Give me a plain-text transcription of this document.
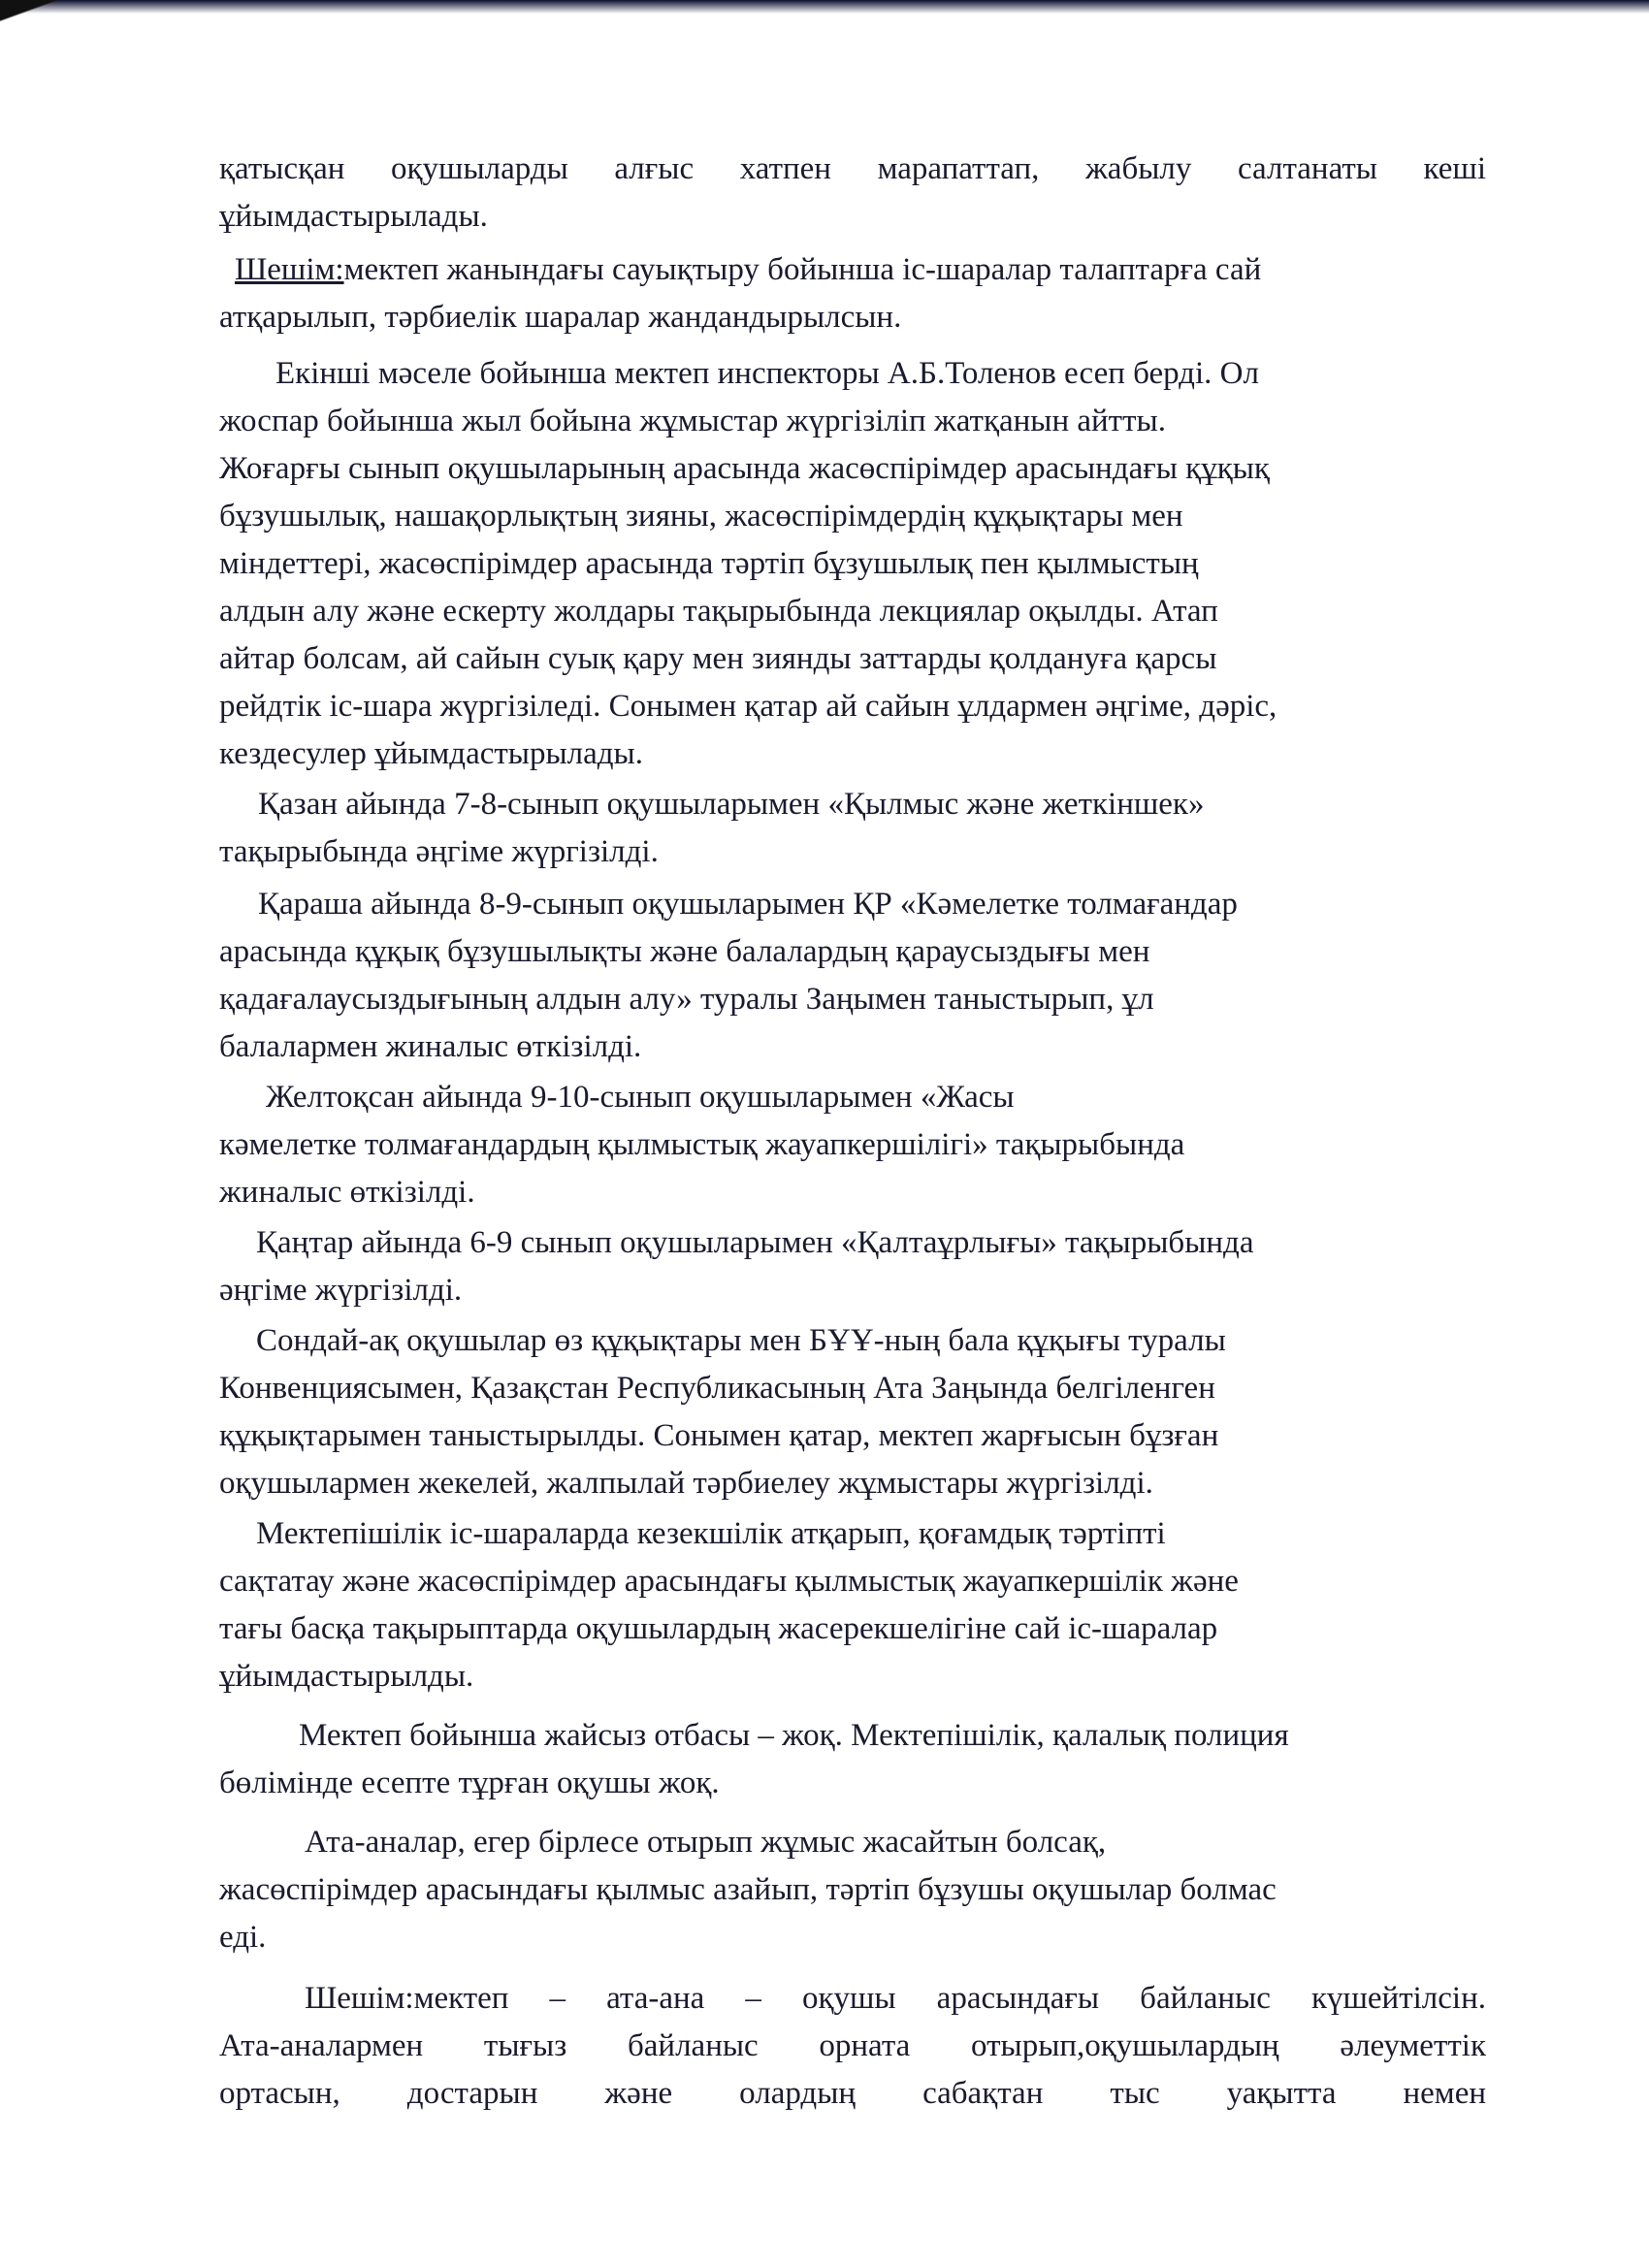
қатысқан оқушыларды алғыс хатпен марапаттап, жабылу салтанаты кеші
ұйымдастырылады.
Шешім:мектеп жанындағы сауықтыру бойынша іс-шаралар талаптарға сай
атқарылып, тәрбиелік шаралар жандандырылсын.
Екінші мәселе бойынша мектеп инспекторы А.Б.Толенов есеп берді. Ол
жоспар бойынша жыл бойына жұмыстар жүргізіліп жатқанын айтты.
Жоғарғы сынып оқушыларының арасында жасөспірімдер арасындағы құқық
бұзушылық, нашақорлықтың зияны, жасөспірімдердің құқықтары мен
міндеттері, жасөспірімдер арасында тәртіп бұзушылық пен қылмыстың
алдын алу және ескерту жолдары тақырыбында лекциялар оқылды. Атап
айтар болсам, ай сайын суық қару мен зиянды заттарды қолдануға қарсы
рейдтік іс-шара жүргізіледі. Сонымен қатар ай сайын ұлдармен әңгіме, дәріс,
кездесулер ұйымдастырылады.
Қазан айында 7-8-сынып оқушыларымен «Қылмыс және жеткіншек»
тақырыбында әңгіме жүргізілді.
Қараша айында 8-9-сынып оқушыларымен ҚР «Кәмелетке толмағандар
арасында құқық бұзушылықты және балалардың қараусыздығы мен
қадағалаусыздығының алдын алу» туралы Заңымен таныстырып, ұл
балалармен жиналыс өткізілді.
Желтоқсан айында 9-10-сынып оқушыларымен «Жасы
кәмелетке толмағандардың қылмыстық жауапкершілігі» тақырыбында
жиналыс өткізілді.
Қаңтар айында 6-9 сынып оқушыларымен «Қалтаұрлығы» тақырыбында
әңгіме жүргізілді.
Сондай-ақ оқушылар өз құқықтары мен БҰҰ-ның бала құқығы туралы
Конвенциясымен, Қазақстан Республикасының Ата Заңында белгіленген
құқықтарымен таныстырылды. Сонымен қатар, мектеп жарғысын бұзған
оқушылармен жекелей, жалпылай тәрбиелеу жұмыстары жүргізілді.
Мектепішілік іс-шараларда кезекшілік атқарып, қоғамдық тәртіпті
сақтатау және жасөспірімдер арасындағы қылмыстық жауапкершілік және
тағы басқа тақырыптарда оқушылардың жасерекшелігіне сай іс-шаралар
ұйымдастырылды.
Мектеп бойынша жайсыз отбасы – жоқ. Мектепішілік, қалалық полиция
бөлімінде есепте тұрған оқушы жоқ.
Ата-аналар, егер бірлесе отырып жұмыс жасайтын болсақ,
жасөспірімдер арасындағы қылмыс азайып, тәртіп бұзушы оқушылар болмас
еді.
Шешім:мектеп – ата-ана – оқушы арасындағы байланыс күшейтілсін.
Ата-аналармен тығыз байланыс орната отырып,оқушылардың әлеуметтік
ортасын, достарын және олардың сабақтан тыс уақытта немен
